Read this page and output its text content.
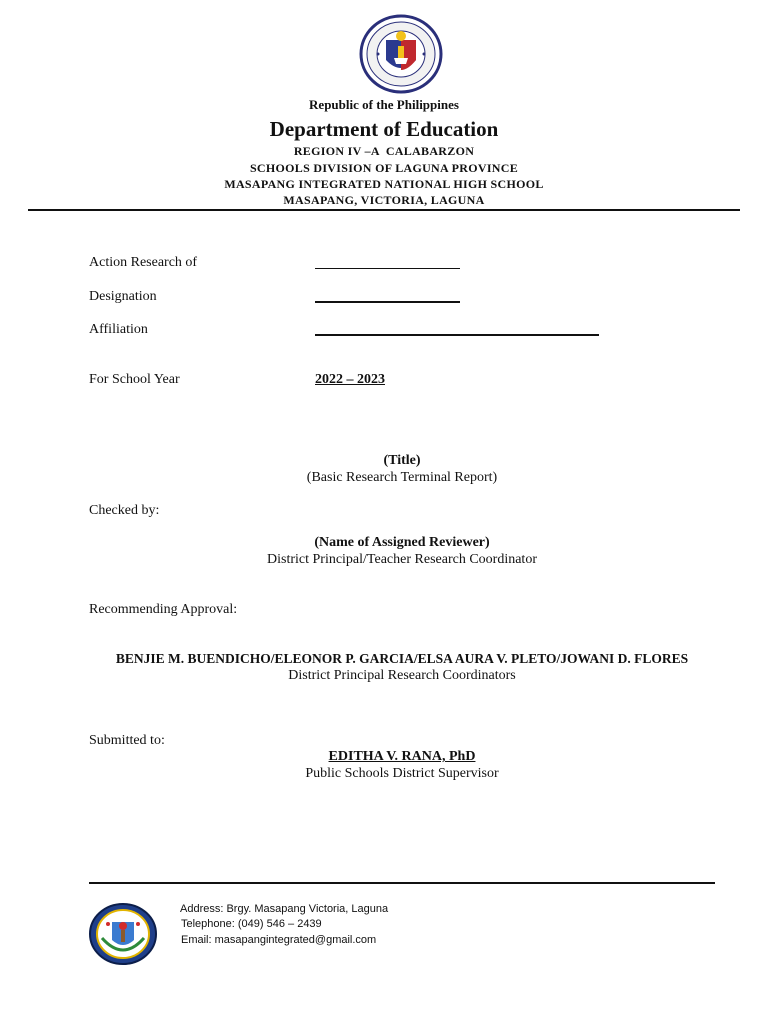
Republic of the Philippines
Department of Education
REGION IV –A  CALABARZON
SCHOOLS DIVISION OF LAGUNA PROVINCE
MASAPANG INTEGRATED NATIONAL HIGH SCHOOL
MASAPANG, VICTORIA, LAGUNA
Action Research of
Designation
Affiliation
For School Year	2022 – 2023
(Title)
(Basic Research Terminal Report)
Checked by:
(Name of Assigned Reviewer)
District Principal/Teacher Research Coordinator
Recommending Approval:
BENJIE M. BUENDICHO/ELEONOR P. GARCIA/ELSA AURA V. PLETO/JOWANI D. FLORES
District Principal Research Coordinators
Submitted to:
EDITHA V. RANA, PhD
Public Schools District Supervisor
Address: Brgy. Masapang Victoria, Laguna
Telephone: (049) 546 – 2439
Email: masapangintegrated@gmail.com
